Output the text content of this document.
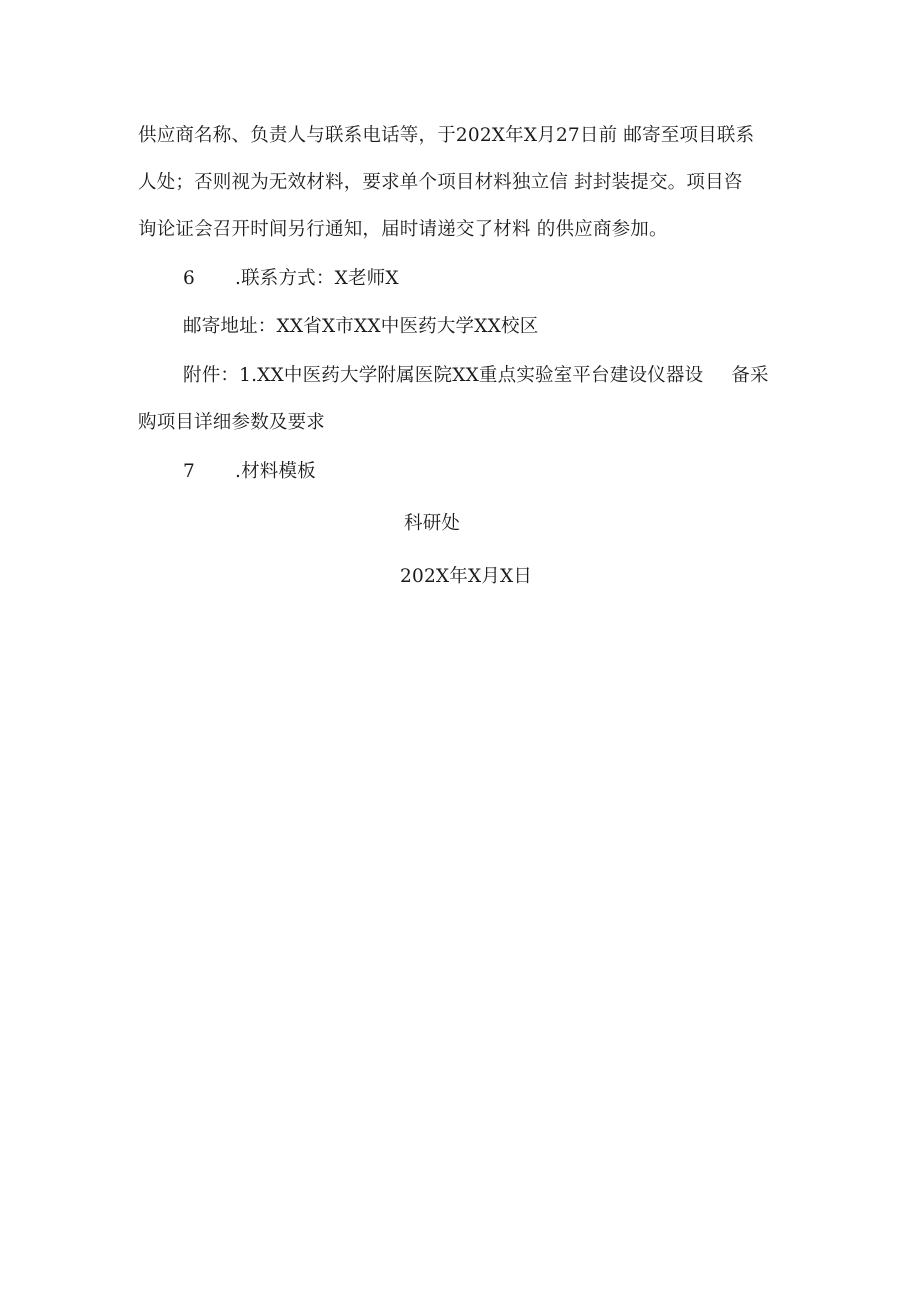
供应商名称、负责人与联系电话等，于202X年X月27日前 邮寄至项目联系
人处；否则视为无效材料，要求单个项目材料独立信 封封装提交。项目咨
询论证会召开时间另行通知，届时请递交了材料 的供应商参加。
6 .联系方式：X老师X
邮寄地址：XX省X市XX中医药大学XX校区
附件：1.XX中医药大学附属医院XX重点实验室平台建设仪器设 备采
购项目详细参数及要求
7 .材料模板
科研处
202X年X月X日
